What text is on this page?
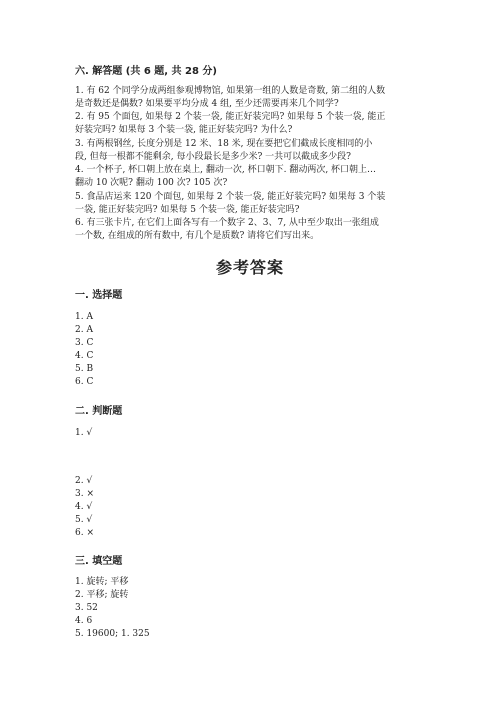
六. 解答题 (共 6 题, 共 28 分)
1. 有 62 个同学分成两组参观博物馆, 如果第一组的人数是奇数, 第二组的人数
是奇数还是偶数? 如果要平均分成 4 组, 至少还需要再来几个同学?
2. 有 95 个面包, 如果每 2 个装一袋, 能正好装完吗? 如果每 5 个装一袋, 能正
好装完吗? 如果每 3 个装一袋, 能正好装完吗? 为什么?
3. 有两根钢丝, 长度分别是 12 米、18 米, 现在要把它们截成长度相同的小
段, 但每一根都不能剩余, 每小段最长是多少米? 一共可以截成多少段?
4. 一个杯子, 杯口朝上放在桌上, 翻动一次, 杯口朝下. 翻动两次, 杯口朝上…
翻动 10 次呢? 翻动 100 次? 105 次?
5. 食品店运来 120 个面包, 如果每 2 个装一袋, 能正好装完吗? 如果每 3 个装
一袋, 能正好装完吗? 如果每 5 个装一袋, 能正好装完吗?
6. 有三张卡片, 在它们上面各写有一个数字 2、3、7, 从中至少取出一张组成
一个数, 在组成的所有数中, 有几个是质数? 请将它们写出来。
参考答案
一. 选择题
1. A
2. A
3. C
4. C
5. B
6. C
二. 判断题
1. √
2. √
3. ×
4. √
5. √
6. ×
三. 填空题
1. 旋转; 平移
2. 平移; 旋转
3. 52
4. 6
5. 19600; 1. 325
